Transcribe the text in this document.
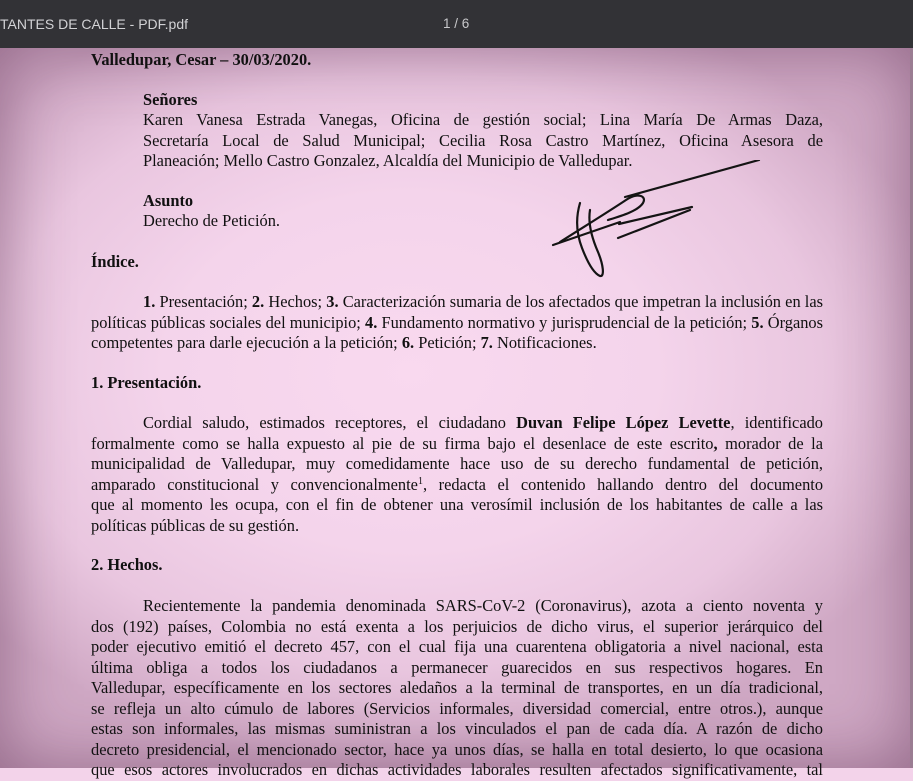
TANTES DE CALLE - PDF.pdf	1 / 6

Valledupar, Cesar – 30/03/2020.

Señores

Karen Vanesa Estrada Vanegas, Oficina de gestión social; Lina María De Armas Daza,
Secretaría Local de Salud Municipal; Cecilia Rosa Castro Martínez, Oficina Asesora de
Planeación; Mello Castro Gonzalez, Alcaldía del Municipio de Valledupar.

Asunto

Derecho de Petición.

Índice.

1. Presentación; 2. Hechos; 3. Caracterización sumaria de los afectados que impetran la inclusión en las políticas públicas sociales del municipio; 4. Fundamento normativo y jurisprudencial de la petición; 5. Órganos competentes para darle ejecución a la petición; 6. Petición; 7. Notificaciones.

1. Presentación.

Cordial saludo, estimados receptores, el ciudadano Duvan Felipe López Levette, identificado
formalmente como se halla expuesto al pie de su firma bajo el desenlace de este escrito, morador de la
municipalidad de Valledupar, muy comedidamente hace uso de su derecho fundamental de petición,
amparado constitucional y convencionalmente$^1$, redacta el contenido hallando dentro del documento
que al momento les ocupa, con el fin de obtener una verosímil inclusión de los habitantes de calle a las
políticas públicas de su gestión.

2. Hechos.

Recientemente la pandemia denominada SARS-CoV-2 (Coronavirus), azota a ciento noventa y
dos (192) países, Colombia no está exenta a los perjuicios de dicho virus, el superior jerárquico del
poder ejecutivo emitió el decreto 457, con el cual fija una cuarentena obligatoria a nivel nacional, esta
última obliga a todos los ciudadanos a permanecer guarecidos en sus respectivos hogares. En
Valledupar, específicamente en los sectores aledaños a la terminal de transportes, en un día tradicional,
se refleja un alto cúmulo de labores (Servicios informales, diversidad comercial, entre otros.), aunque
estas son informales, las mismas suministran a los vinculados el pan de cada día. A razón de dicho
decreto presidencial, el mencionado sector, hace ya unos días, se halla en total desierto, lo que ocasiona
que esos actores involucrados en dichas actividades laborales resulten afectados significativamente, tal
